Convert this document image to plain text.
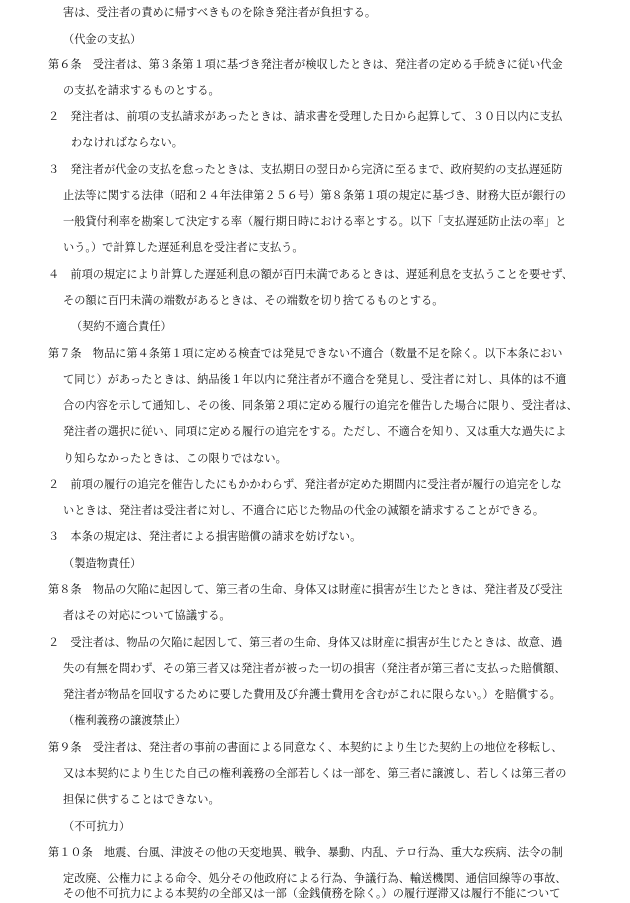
害は、受注者の責めに帰すべきものを除き発注者が負担する。
（代金の支払）
第６条　受注者は、第３条第１項に基づき発注者が検収したときは、発注者の定める手続きに従い代金
の支払を請求するものとする。
２　発注者は、前項の支払請求があったときは、請求書を受理した日から起算して、３０日以内に支払
わなければならない。
３　発注者が代金の支払を怠ったときは、支払期日の翌日から完済に至るまで、政府契約の支払遅延防
止法等に関する法律（昭和２４年法律第２５６号）第８条第１項の規定に基づき、財務大臣が銀行の
一般貸付利率を勘案して決定する率（履行期日時における率とする。以下「支払遅延防止法の率」と
いう。）で計算した遅延利息を受注者に支払う。
４　前項の規定により計算した遅延利息の額が百円未満であるときは、遅延利息を支払うことを要せず、
その額に百円未満の端数があるときは、その端数を切り捨てるものとする。
（契約不適合責任）
第７条　物品に第４条第１項に定める検査では発見できない不適合（数量不足を除く。以下本条におい
て同じ）があったときは、納品後１年以内に発注者が不適合を発見し、受注者に対し、具体的は不適
合の内容を示して通知し、その後、同条第２項に定める履行の追完を催告した場合に限り、受注者は、
発注者の選択に従い、同項に定める履行の追完をする。ただし、不適合を知り、又は重大な過失によ
り知らなかったときは、この限りではない。
２　前項の履行の追完を催告したにもかかわらず、発注者が定めた期間内に受注者が履行の追完をしな
いときは、発注者は受注者に対し、不適合に応じた物品の代金の減額を請求することができる。
３　本条の規定は、発注者による損害賠償の請求を妨げない。
（製造物責任）
第８条　物品の欠陥に起因して、第三者の生命、身体又は財産に損害が生じたときは、発注者及び受注
者はその対応について協議する。
２　受注者は、物品の欠陥に起因して、第三者の生命、身体又は財産に損害が生じたときは、故意、過
失の有無を問わず、その第三者又は発注者が被った一切の損害（発注者が第三者に支払った賠償額、
発注者が物品を回収するために要した費用及び弁護士費用を含むがこれに限らない。）を賠償する。
（権利義務の譲渡禁止）
第９条　受注者は、発注者の事前の書面による同意なく、本契約により生じた契約上の地位を移転し、
又は本契約により生じた自己の権利義務の全部若しくは一部を、第三者に譲渡し、若しくは第三者の
担保に供することはできない。
（不可抗力）
第１０条　地震、台風、津波その他の天変地異、戦争、暴動、内乱、テロ行為、重大な疾病、法令の制
定改廃、公権力による命令、処分その他政府による行為、争議行為、輸送機関、通信回線等の事故、
その他不可抗力による本契約の全部又は一部（金銭債務を除く。）の履行遅滞又は履行不能について
